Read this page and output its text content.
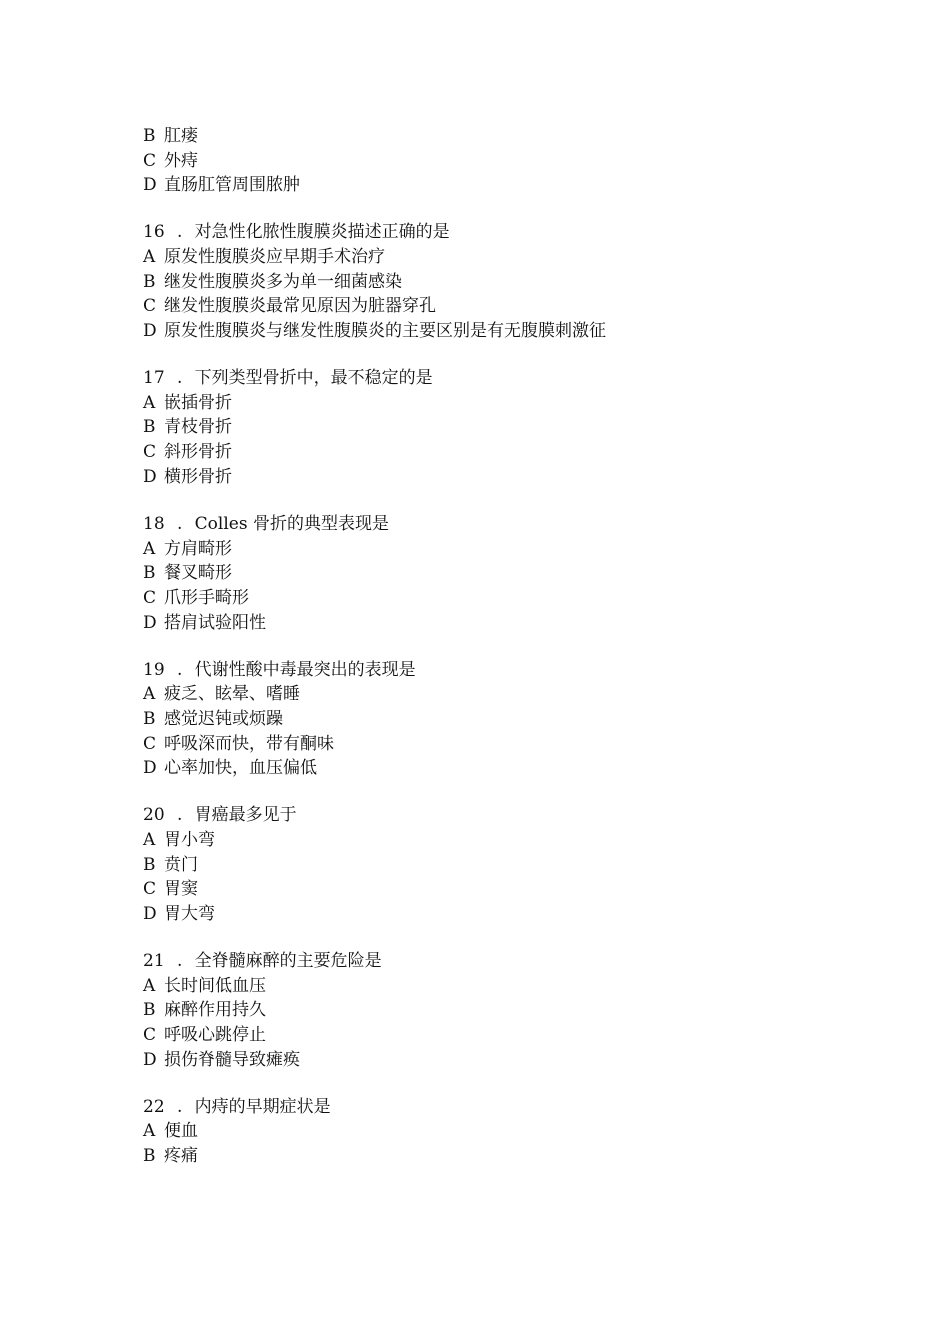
B 肛瘘
C 外痔
D 直肠肛管周围脓肿
16 . 对急性化脓性腹膜炎描述正确的是
A 原发性腹膜炎应早期手术治疗
B 继发性腹膜炎多为单一细菌感染
C 继发性腹膜炎最常见原因为脏器穿孔
D 原发性腹膜炎与继发性腹膜炎的主要区别是有无腹膜刺激征
17 . 下列类型骨折中，最不稳定的是
A 嵌插骨折
B 青枝骨折
C 斜形骨折
D 横形骨折
18 . Colles 骨折的典型表现是
A 方肩畸形
B 餐叉畸形
C 爪形手畸形
D 搭肩试验阳性
19 . 代谢性酸中毒最突出的表现是
A 疲乏、眩晕、嗜睡
B 感觉迟钝或烦躁
C 呼吸深而快，带有酮味
D 心率加快，血压偏低
20 . 胃癌最多见于
A 胃小弯
B 贲门
C 胃窦
D 胃大弯
21 . 全脊髓麻醉的主要危险是
A 长时间低血压
B 麻醉作用持久
C 呼吸心跳停止
D 损伤脊髓导致瘫痪
22 . 内痔的早期症状是
A 便血
B 疼痛
